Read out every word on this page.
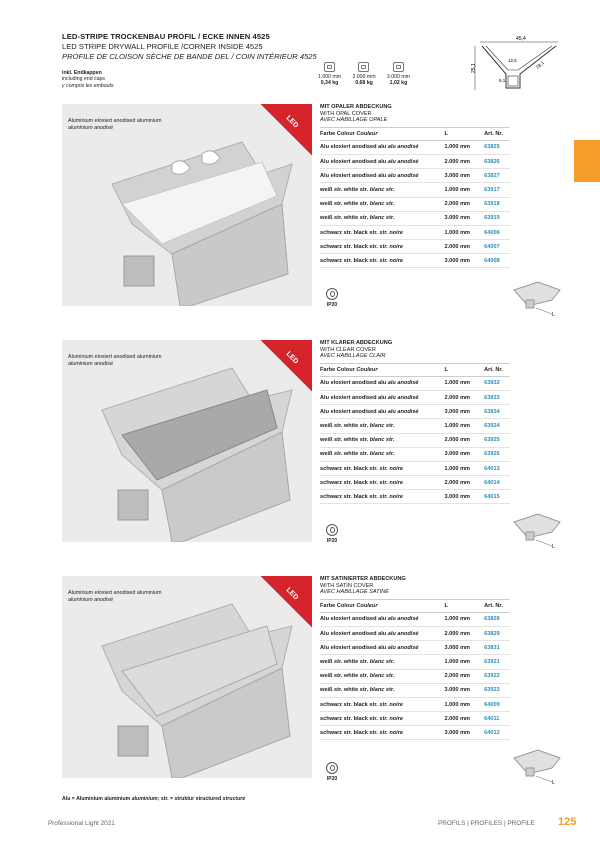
LED-STRIPE TROCKENBAU PROFIL / ECKE INNEN 4525
LED STRIPE DRYWALL PROFILE /CORNER INSIDE 4525
PROFILE DE CLOISON SÈCHE DE BANDE DEL / COIN INTÉRIEUR 4525
inkl. Endkappen
including end caps
y compris les embouts
1.000 mm
0,34 kg
2.000 mm
0,68 kg
3.000 mm
1,02 kg
45,4
25,1
12,5	28,1
9,1
Aluminium eloxiert anodised aluminium
aluminium anodisé	LED
MIT OPALER ABDECKUNG
WITH OPAL COVER
AVEC HABILLAGE OPALE
Farbe Colour Couleur	L	Art. Nr.
Alu eloxiert anodised alu alu anodisé	1.000 mm	63825
Alu eloxiert anodised alu alu anodisé	2.000 mm	63826
Alu eloxiert anodised alu alu anodisé	3.000 mm	63827
weiß str. white str. blanc str.	1.000 mm	63917
weiß str. white str. blanc str.	2.000 mm	63918
weiß str. white str. blanc str.	3.000 mm	63919
schwarz str. black str. str. noire	1.000 mm	64006
schwarz str. black str. str. noire	2.000 mm	64007
schwarz str. black str. str. noire	3.000 mm	64008
IP20
L
Aluminium eloxiert anodised aluminium
aluminium anodisé	LED
MIT KLARER ABDECKUNG
WITH CLEAR COVER
AVEC HABILLAGE CLAIR
Farbe Colour Couleur	L	Art. Nr.
Alu eloxiert anodised alu alu anodisé	1.000 mm	63832
Alu eloxiert anodised alu alu anodisé	2.000 mm	63833
Alu eloxiert anodised alu alu anodisé	3.000 mm	63834
weiß str. white str. blanc str.	1.000 mm	63924
weiß str. white str. blanc str.	2.000 mm	63925
weiß str. white str. blanc str.	3.000 mm	63926
schwarz str. black str. str. noire	1.000 mm	64013
schwarz str. black str. str. noire	2.000 mm	64014
schwarz str. black str. str. noire	3.000 mm	64015
IP20
L
Aluminium eloxiert anodised aluminium
aluminium anodisé	LED
MIT SATINIERTER ABDECKUNG
WITH SATIN COVER
AVEC HABILLAGE SATINÉ
Farbe Colour Couleur	L	Art. Nr.
Alu eloxiert anodised alu alu anodisé	1.000 mm	63828
Alu eloxiert anodised alu alu anodisé	2.000 mm	63829
Alu eloxiert anodised alu alu anodisé	3.000 mm	63831
weiß str. white str. blanc str.	1.000 mm	63921
weiß str. white str. blanc str.	2.000 mm	63922
weiß str. white str. blanc str.	3.000 mm	63923
schwarz str. black str. str. noire	1.000 mm	64009
schwarz str. black str. str. noire	2.000 mm	64011
schwarz str. black str. str. noire	3.000 mm	64012
IP20
L
Alu = Aluminium aluminium aluminium; str. = struktur structured structuré
Professional Light 2021	PROFILS | PROFILES | PROFILE 125
